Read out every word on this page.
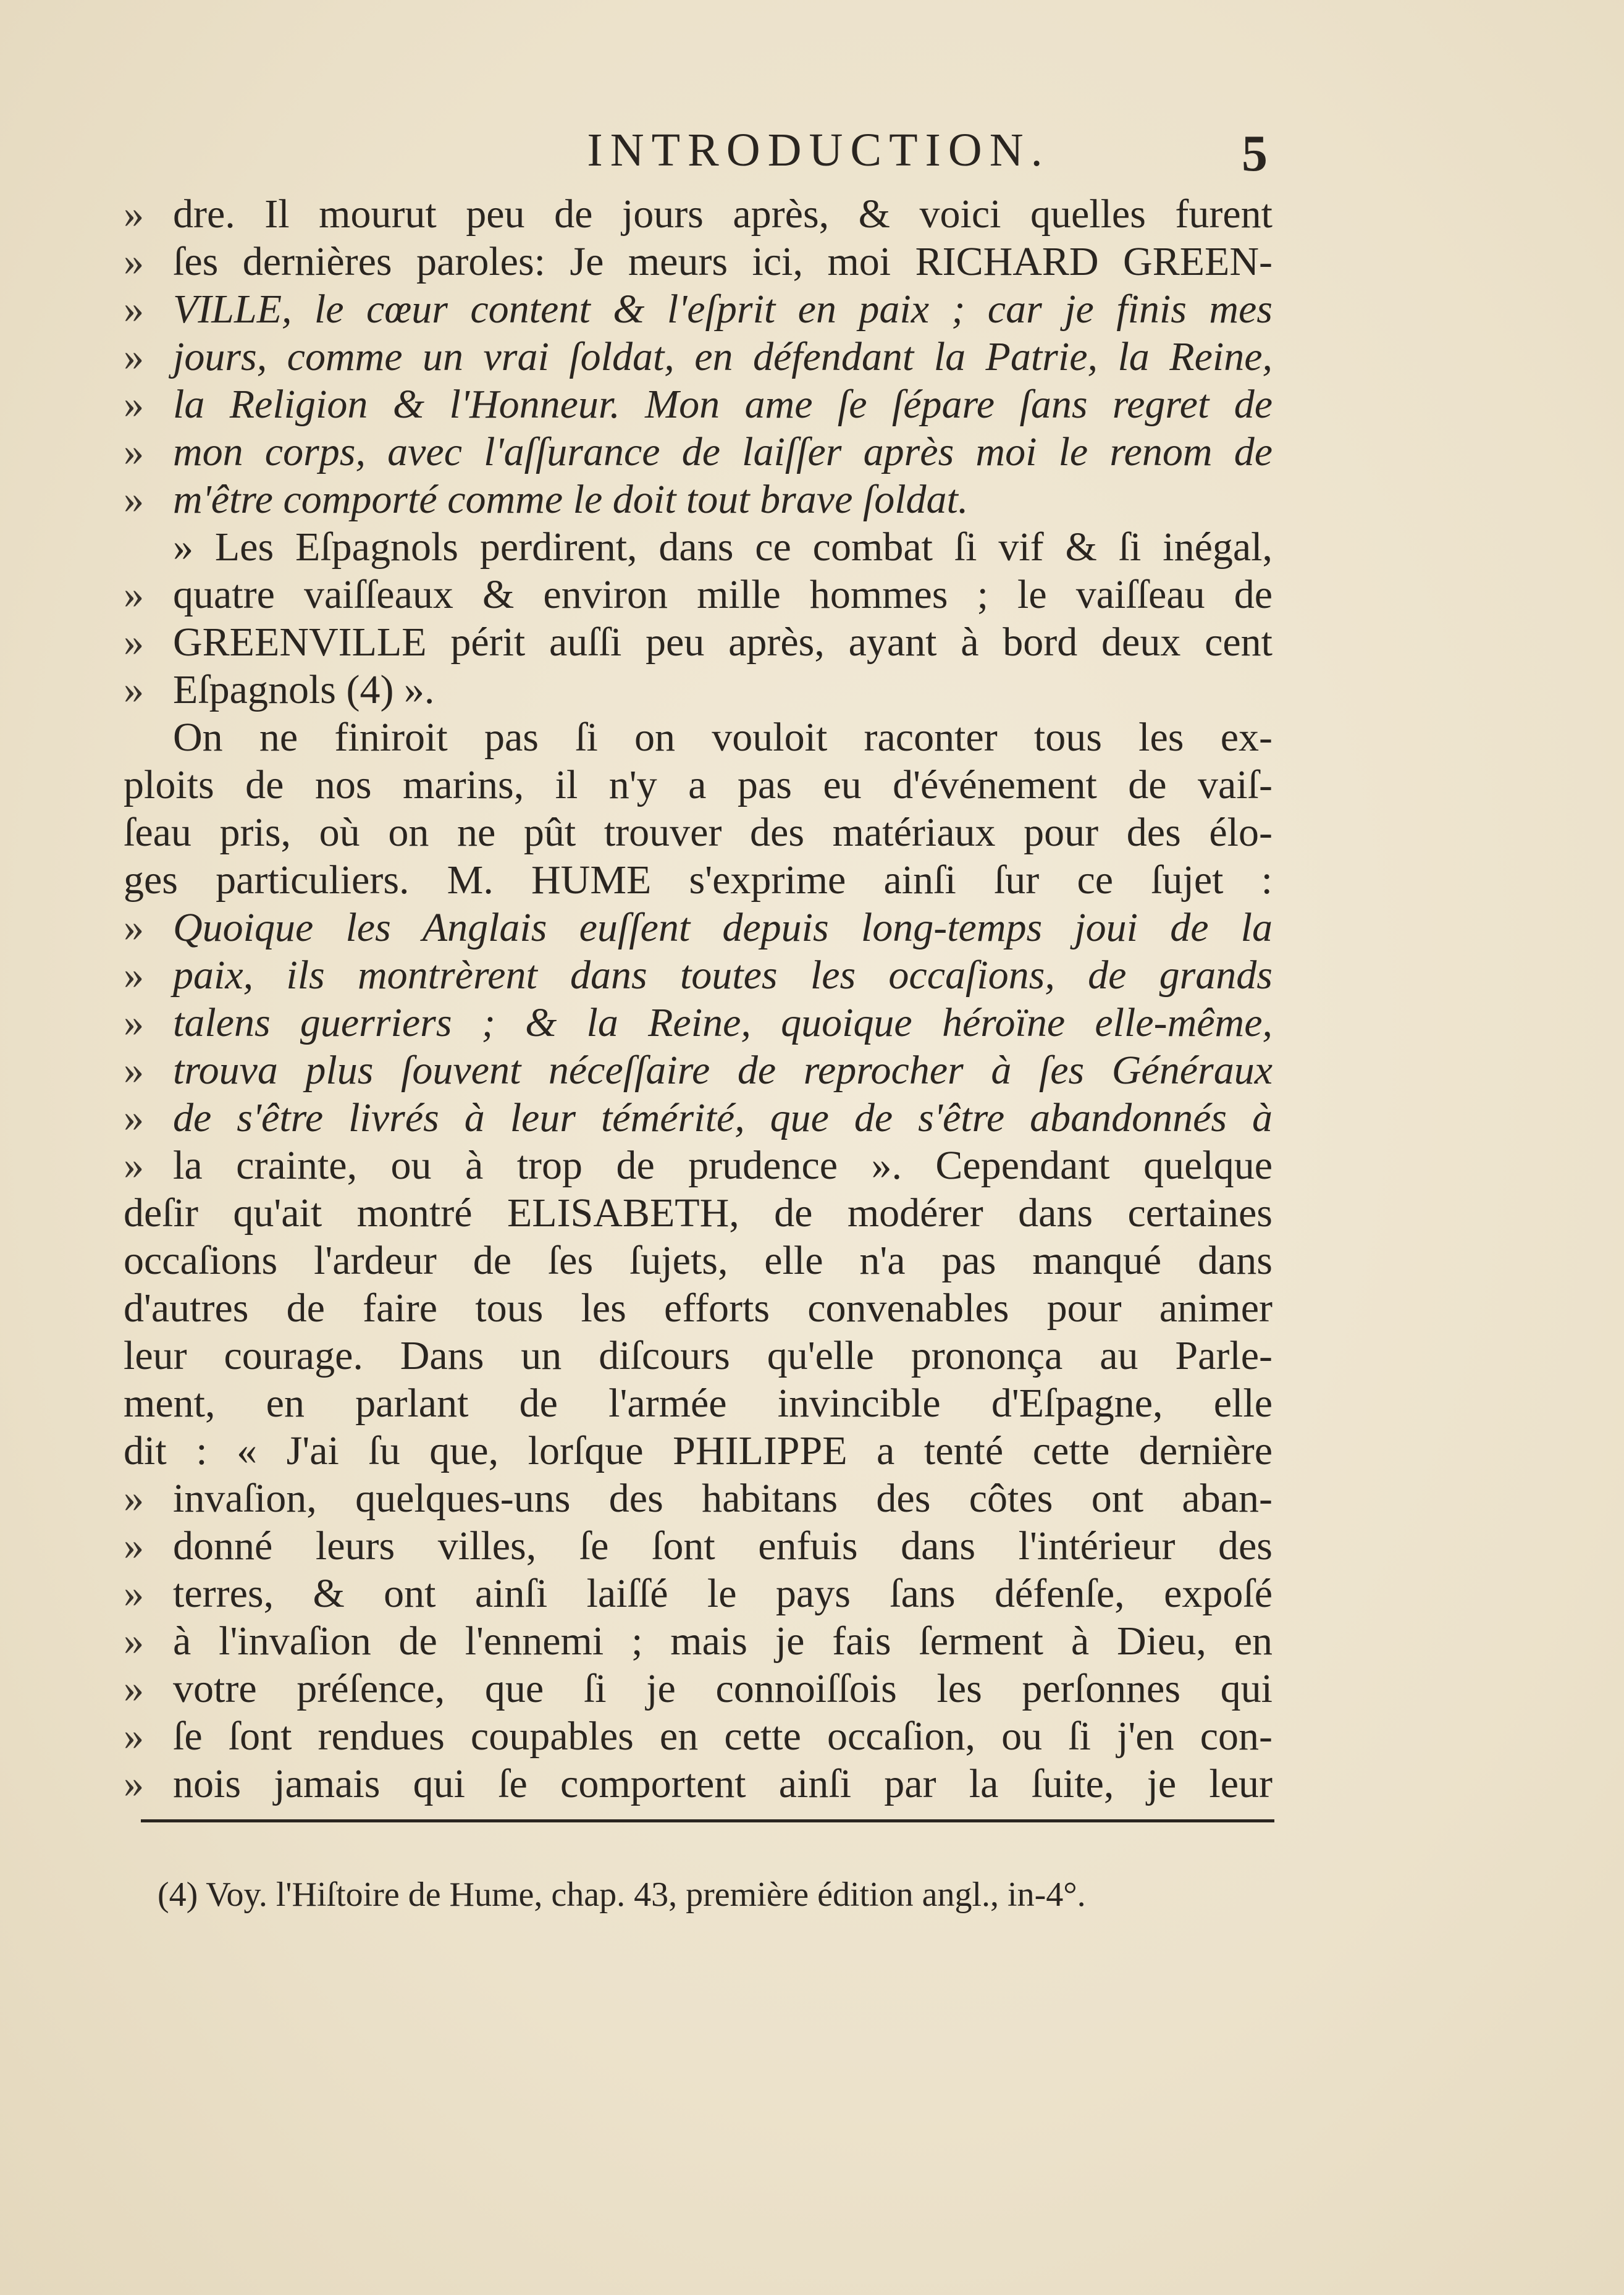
INTRODUCTION.	5
» dre. Il mourut peu de jours après, & voici quelles furent
» ſes dernières paroles: Je meurs ici, moi RICHARD GREEN-
» VILLE, le cœur content & l'eſprit en paix ; car je finis mes
» jours, comme un vrai ſoldat, en défendant la Patrie, la Reine,
» la Religion & l'Honneur. Mon ame ſe ſépare ſans regret de
» mon corps, avec l'aſſurance de laiſſer après moi le renom de
» m'être comporté comme le doit tout brave ſoldat.
» Les Eſpagnols perdirent, dans ce combat ſi vif & ſi inégal,
» quatre vaiſſeaux & environ mille hommes ; le vaiſſeau de
» GREENVILLE périt auſſi peu après, ayant à bord deux cent
» Eſpagnols (4) ».
On ne finiroit pas ſi on vouloit raconter tous les ex-
ploits de nos marins, il n'y a pas eu d'événement de vaiſ-
ſeau pris, où on ne pût trouver des matériaux pour des élo-
ges particuliers. M. HUME s'exprime ainſi ſur ce ſujet :
» Quoique les Anglais euſſent depuis long-temps joui de la
» paix, ils montrèrent dans toutes les occaſions, de grands
» talens guerriers ; & la Reine, quoique héroïne elle-même,
» trouva plus ſouvent néceſſaire de reprocher à ſes Généraux
» de s'être livrés à leur témérité, que de s'être abandonnés à
» la crainte, ou à trop de prudence ». Cependant quelque
deſir qu'ait montré ELISABETH, de modérer dans certaines
occaſions l'ardeur de ſes ſujets, elle n'a pas manqué dans
d'autres de faire tous les efforts convenables pour animer
leur courage. Dans un diſcours qu'elle prononça au Parle-
ment, en parlant de l'armée invincible d'Eſpagne, elle
dit : « J'ai ſu que, lorſque PHILIPPE a tenté cette dernière
» invaſion, quelques-uns des habitans des côtes ont aban-
» donné leurs villes, ſe ſont enfuis dans l'intérieur des
» terres, & ont ainſi laiſſé le pays ſans défenſe, expoſé
» à l'invaſion de l'ennemi ; mais je fais ſerment à Dieu, en
» votre préſence, que ſi je connoiſſois les perſonnes qui
» ſe ſont rendues coupables en cette occaſion, ou ſi j'en con-
» nois jamais qui ſe comportent ainſi par la ſuite, je leur
(4) Voy. l'Hiſtoire de Hume, chap. 43, première édition angl., in-4°.
